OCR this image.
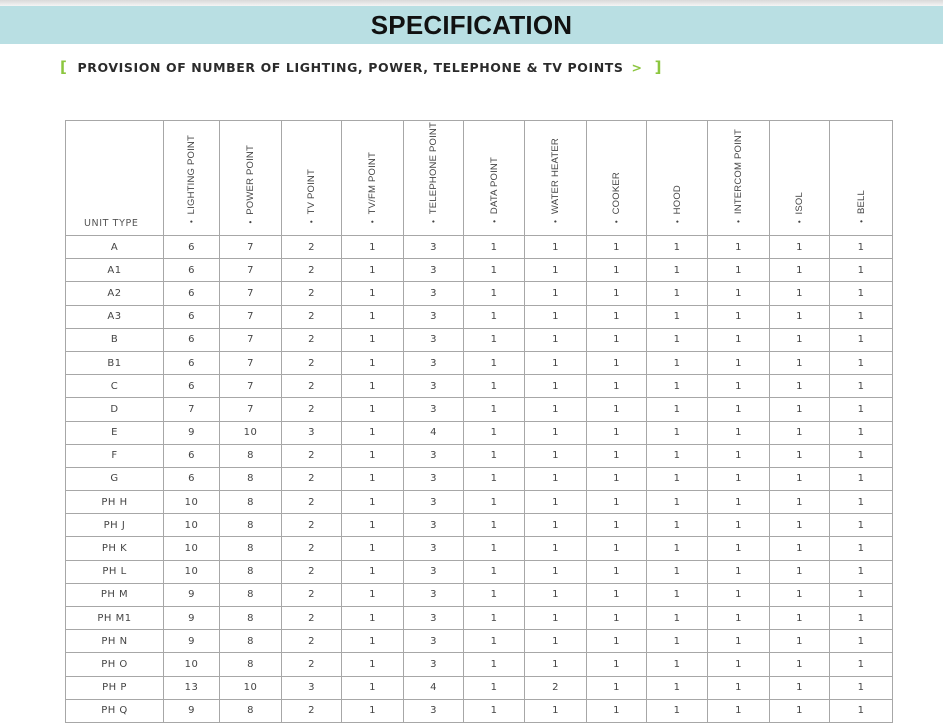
SPECIFICATION
[ PROVISION OF NUMBER OF LIGHTING, POWER, TELEPHONE & TV POINTS > ]
UNIT TYPE	•  LIGHTING POINT	•  POWER POINT	•  TV POINT	•  TV/FM POINT	•  TELEPHONE POINT	•  DATA POINT	•  WATER HEATER	•  COOKER	•  HOOD	•  INTERCOM POINT	•  ISOL	•  BELL
A	6	7	2	1	3	1	1	1	1	1	1	1
A1	6	7	2	1	3	1	1	1	1	1	1	1
A2	6	7	2	1	3	1	1	1	1	1	1	1
A3	6	7	2	1	3	1	1	1	1	1	1	1
B	6	7	2	1	3	1	1	1	1	1	1	1
B1	6	7	2	1	3	1	1	1	1	1	1	1
C	6	7	2	1	3	1	1	1	1	1	1	1
D	7	7	2	1	3	1	1	1	1	1	1	1
E	9	10	3	1	4	1	1	1	1	1	1	1
F	6	8	2	1	3	1	1	1	1	1	1	1
G	6	8	2	1	3	1	1	1	1	1	1	1
PH H	10	8	2	1	3	1	1	1	1	1	1	1
PH J	10	8	2	1	3	1	1	1	1	1	1	1
PH K	10	8	2	1	3	1	1	1	1	1	1	1
PH L	10	8	2	1	3	1	1	1	1	1	1	1
PH M	9	8	2	1	3	1	1	1	1	1	1	1
PH M1	9	8	2	1	3	1	1	1	1	1	1	1
PH N	9	8	2	1	3	1	1	1	1	1	1	1
PH O	10	8	2	1	3	1	1	1	1	1	1	1
PH P	13	10	3	1	4	1	2	1	1	1	1	1
PH Q	9	8	2	1	3	1	1	1	1	1	1	1
